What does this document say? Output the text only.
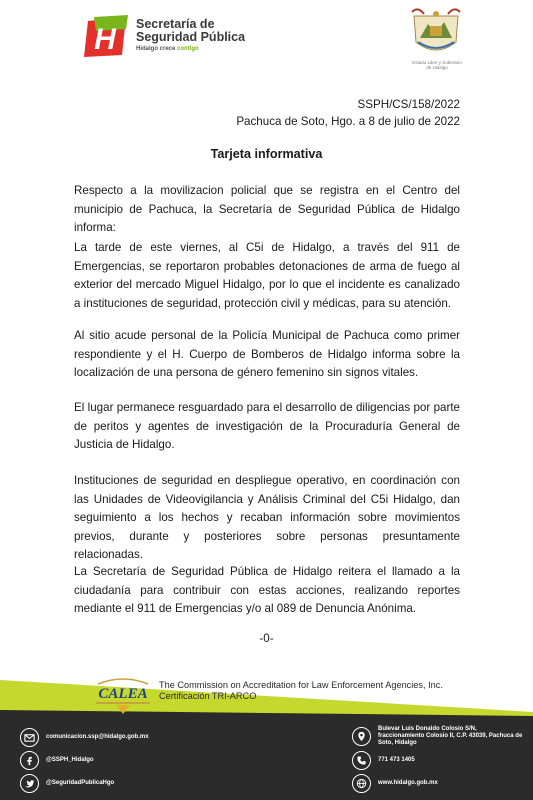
H Secretaría de
Seguridad Pública
Hidalgo crece contigo
Estado Libre y Soberano
de Hidalgo
SSPH/CS/158/2022
Pachuca de Soto, Hgo. a 8 de julio de 2022
Tarjeta informativa

Respecto a la movilizacion policial que se registra en el Centro del municipio de Pachuca, la Secretaría de Seguridad Pública de Hidalgo informa:

La tarde de este viernes, al C5i de Hidalgo, a través del 911 de Emergencias, se reportaron probables detonaciones de arma de fuego al exterior del mercado Miguel Hidalgo, por lo que el incidente es canalizado a instituciones de seguridad, protección civil y médicas, para su atención.

Al sitio acude personal de la Policía Municipal de Pachuca como primer respondiente y el H. Cuerpo de Bomberos de Hidalgo informa sobre la localización de una persona de género femenino sin signos vitales.

El lugar permanece resguardado para el desarrollo de diligencias por parte de peritos y agentes de investigación de la Procuraduría General de Justicia de Hidalgo.

Instituciones de seguridad en despliegue operativo, en coordinación con las Unidades de Videovigilancia y Análisis Criminal del C5i Hidalgo, dan seguimiento a los hechos y recaban información sobre movimientos previos, durante y posteriores sobre personas presuntamente relacionadas.

La Secretaría de Seguridad Pública de Hidalgo reitera el llamado a la ciudadanía para contribuir con estas acciones, realizando reportes mediante el 911 de Emergencias y/o al 089 de Denuncia Anónima.

-0-
CALEA
The Commission on Accreditation for Law Enforcement Agencies, Inc.
Certificación TRI-ARCO
comunicacion.ssp@hidalgo.gob.mx
@SSPH_Hidalgo
@SeguridadPublicaHgo
Bulevar Luis Donaldo Colosio S/N, fraccionamiento Colosio II, C.P. 43039, Pachuca de Soto, Hidalgo
771 473 1405
www.hidalgo.gob.mx
